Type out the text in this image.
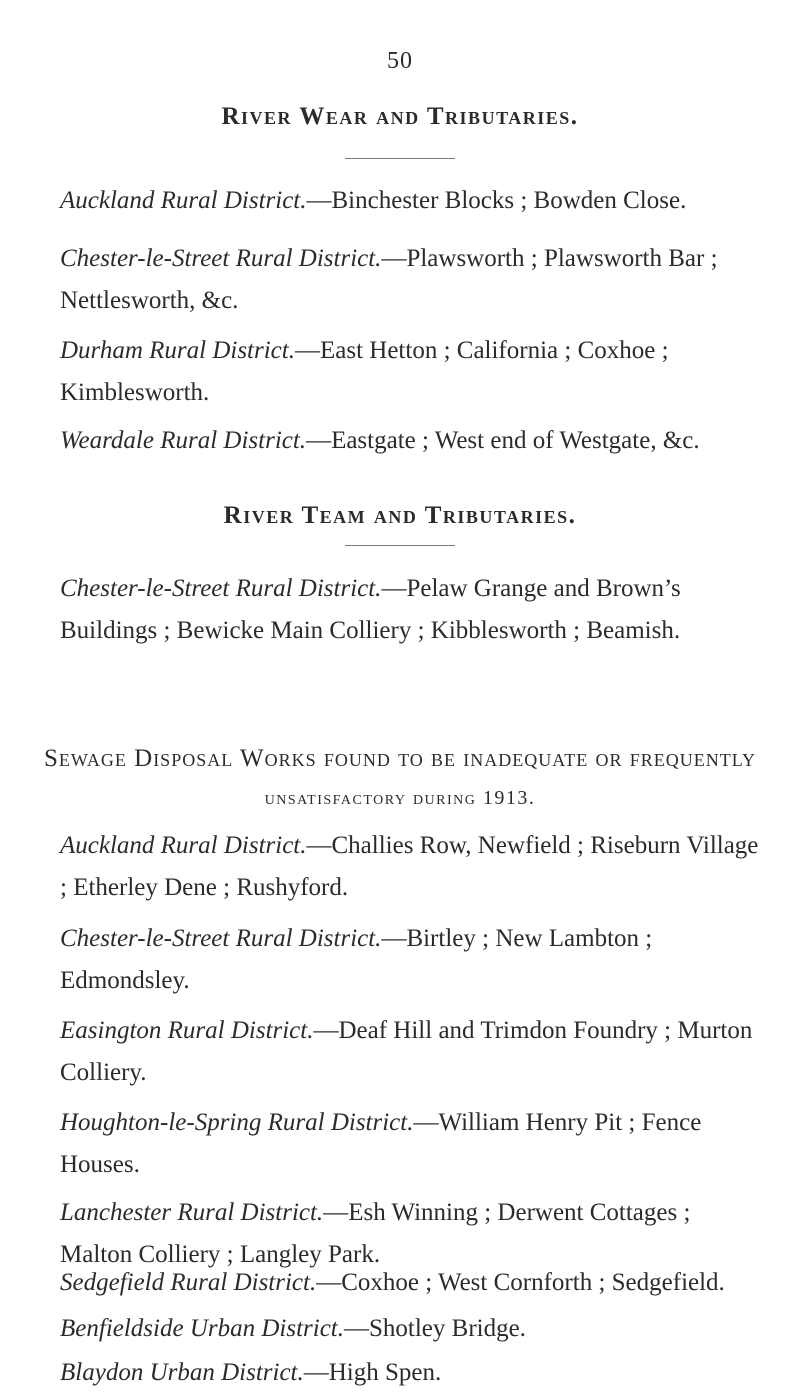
50
River Wear and Tributaries.

Auckland Rural District.—Binchester Blocks ; Bowden Close.

Chester-le-Street Rural District.—Plawsworth ; Plawsworth Bar ; Nettlesworth, &c.

Durham Rural District.—East Hetton ; California ; Coxhoe ; Kimblesworth.

Weardale Rural District.—Eastgate ; West end of Westgate, &c.

River Team and Tributaries.

Chester-le-Street Rural District.—Pelaw Grange and Brown’s Buildings ; Bewicke Main Colliery ; Kibblesworth ; Beamish.

Sewage Disposal Works found to be inadequate or frequently
unsatisfactory during 1913.

Auckland Rural District.—Challies Row, Newfield ; Riseburn Village ; Etherley Dene ; Rushyford.

Chester-le-Street Rural District.—Birtley ; New Lambton ; Edmondsley.

Easington Rural District.—Deaf Hill and Trimdon Foundry ; Murton Colliery.

Houghton-le-Spring Rural District.—William Henry Pit ; Fence Houses.

Lanchester Rural District.—Esh Winning ; Derwent Cottages ; Malton Colliery ; Langley Park.

Sedgefield Rural District.—Coxhoe ; West Cornforth ; Sedgefield.

Benfieldside Urban District.—Shotley Bridge.

Blaydon Urban District.—High Spen.
